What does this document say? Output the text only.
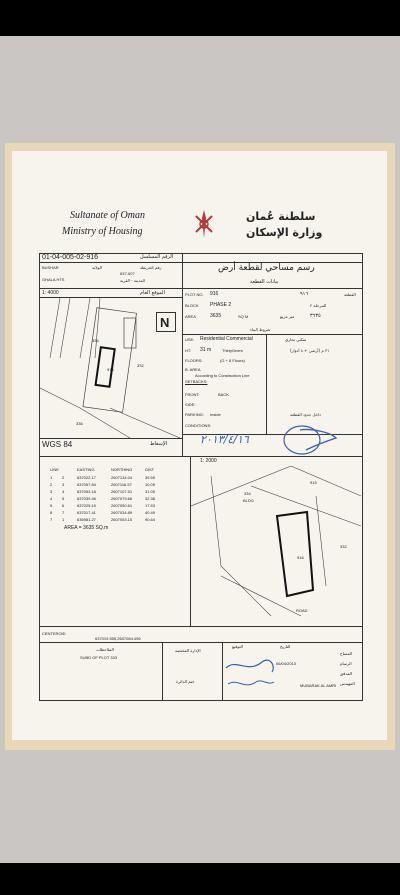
Sultanate of Oman
Ministry of Housing
سلطنة عُمان
وزارة الإسكان
01-04-005-02-916	الرقم المسلسل
رسم مساحي لقطعة أرض
بيانات القطعة
BUSHAR	الولاية	رقم الخريطة
637-607
GHALA HTS	المدينة - القرية
1: 4000	الموقع العام
916
334
332
336
N
WGS 84	الإسقاط
PLOT NO. 916	٩١٦	القطعة
BLOCK PHASE 2	المرحلة ٢
AREA	3635	SQ M	متر مربع	٣٦٣٥
شروط البناء
USE: Residential Commercial	سكني تجاري
HT: 31 m	ThirtyOnem	٣١ م (أرضي + ٨ أدوار)
FLOORS:	(G + 8 Floors)
B. AREA
According to Construction Line
SETBACKS:
FRONT:	BACK
SIDE:
PARKING: Inside	داخل حدود القطعة
CONDITIONS:
٢٠١٣/٤/١٦
LINE	EASTING	NORTHING	DIST
1 2	637022.17	2607134.04	39.55
2 3	637057.84	2607116.57	10.09
3 4	637053.18	2607107.51	31.05
4 5	637039.46	2607079.66	32.38
5 6	637025.15	2607050.61	17.53
6 7	637017.41	2607034.89	40.49
7 1	636981.27	2607053.15	90.64
AREA = 3635 SQ.m
1: 2000
334
BLDG
916
332
915
ROAD
CENTEROID
637019.555,2607084.496
الملاحظات
SUBD OF PLOT 333
الإدارة المختصة
ختم الدائرة
التاريخ
التوقيع
المساح
الرسام
المدقق
المهندس
06/04/2013
MUBARAK AL AMRI
